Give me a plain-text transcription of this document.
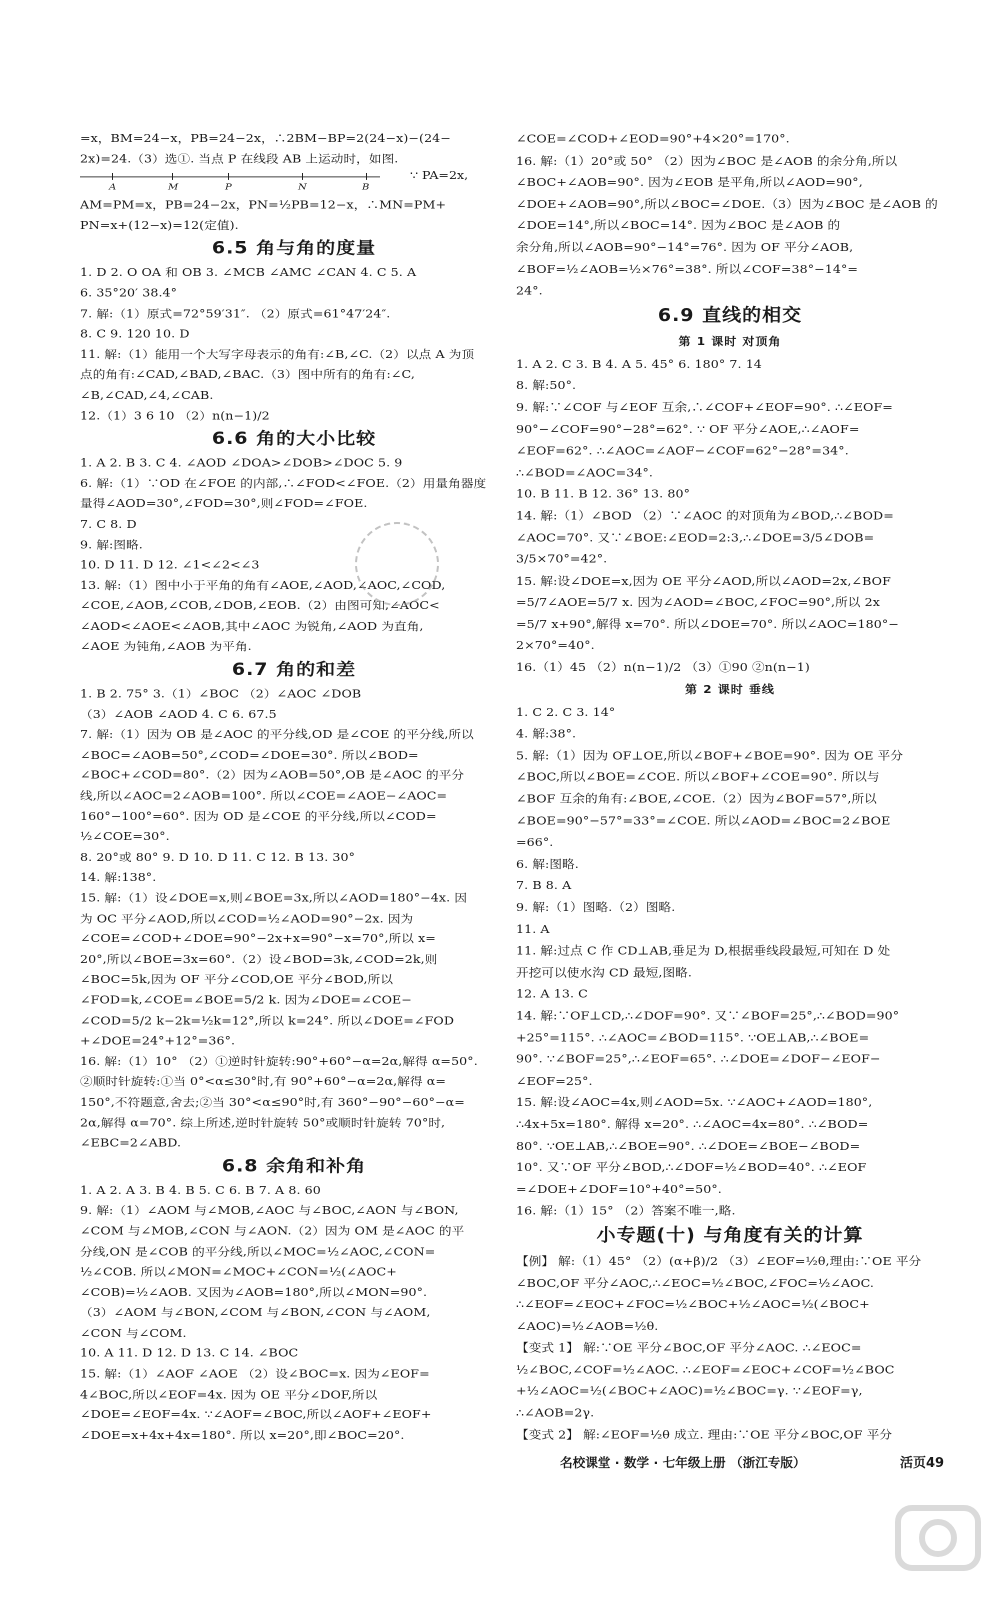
=x，BM=24−x，PB=24−2x，∴2BM−BP=2(24−x)−(24−
2x)=24.（3）选①. 当点 P 在线段 AB 上运动时，如图.
A	M	P	N	B
∵ PA=2x,
AM=PM=x，PB=24−2x，PN=½PB=12−x，∴MN=PM+
PN=x+(12−x)=12(定值).
6.5 角与角的度量
1. D 2. O OA 和 OB 3. ∠MCB ∠AMC ∠CAN 4. C 5. A
6. 35°20′ 38.4°
7. 解:（1）原式=72°59′31″. （2）原式=61°47′24″.
8. C 9. 120 10. D
11. 解:（1）能用一个大写字母表示的角有:∠B,∠C.（2）以点 A 为顶
点的角有:∠CAD,∠BAD,∠BAC.（3）图中所有的角有:∠C,
∠B,∠CAD,∠4,∠CAB.
12.（1）3 6 10 （2）n(n−1)/2
6.6 角的大小比较
1. A 2. B 3. C 4. ∠AOD ∠DOA>∠DOB>∠DOC 5. 9
6. 解:（1）∵OD 在∠FOE 的内部,∴∠FOD<∠FOE.（2）用量角器度
量得∠AOD=30°,∠FOD=30°,则∠FOD=∠FOE.
7. C 8. D
9. 解:图略.
10. D 11. D 12. ∠1<∠2<∠3
13. 解:（1）图中小于平角的角有∠AOE,∠AOD,∠AOC,∠COD,
∠COE,∠AOB,∠COB,∠DOB,∠EOB.（2）由图可知,∠AOC<
∠AOD<∠AOE<∠AOB,其中∠AOC 为锐角,∠AOD 为直角,
∠AOE 为钝角,∠AOB 为平角.
6.7 角的和差
1. B 2. 75° 3.（1）∠BOC （2）∠AOC ∠DOB
（3）∠AOB ∠AOD 4. C 6. 67.5
7. 解:（1）因为 OB 是∠AOC 的平分线,OD 是∠COE 的平分线,所以
∠BOC=∠AOB=50°,∠COD=∠DOE=30°. 所以∠BOD=
∠BOC+∠COD=80°.（2）因为∠AOB=50°,OB 是∠AOC 的平分
线,所以∠AOC=2∠AOB=100°. 所以∠COE=∠AOE−∠AOC=
160°−100°=60°. 因为 OD 是∠COE 的平分线,所以∠COD=
½∠COE=30°.
8. 20°或 80° 9. D 10. D 11. C 12. B 13. 30°
14. 解:138°.
15. 解:（1）设∠DOE=x,则∠BOE=3x,所以∠AOD=180°−4x. 因
为 OC 平分∠AOD,所以∠COD=½∠AOD=90°−2x. 因为
∠COE=∠COD+∠DOE=90°−2x+x=90°−x=70°,所以 x=
20°,所以∠BOE=3x=60°.（2）设∠BOD=3k,∠COD=2k,则
∠BOC=5k,因为 OF 平分∠COD,OE 平分∠BOD,所以
∠FOD=k,∠COE=∠BOE=5/2 k. 因为∠DOE=∠COE−
∠COD=5/2 k−2k=½k=12°,所以 k=24°. 所以∠DOE=∠FOD
+∠DOE=24°+12°=36°.
16. 解:（1）10° （2）①逆时针旋转:90°+60°−α=2α,解得 α=50°.
②顺时针旋转:①当 0°<α≤30°时,有 90°+60°−α=2α,解得 α=
150°,不符题意,舍去;②当 30°<α≤90°时,有 360°−90°−60°−α=
2α,解得 α=70°. 综上所述,逆时针旋转 50°或顺时针旋转 70°时,
∠EBC=2∠ABD.
6.8 余角和补角
1. A 2. A 3. B 4. B 5. C 6. B 7. A 8. 60
9. 解:（1）∠AOM 与∠MOB,∠AOC 与∠BOC,∠AON 与∠BON,
∠COM 与∠MOB,∠CON 与∠AON.（2）因为 OM 是∠AOC 的平
分线,ON 是∠COB 的平分线,所以∠MOC=½∠AOC,∠CON=
½∠COB. 所以∠MON=∠MOC+∠CON=½(∠AOC+
∠COB)=½∠AOB. 又因为∠AOB=180°,所以∠MON=90°.
（3）∠AOM 与∠BON,∠COM 与∠BON,∠CON 与∠AOM,
∠CON 与∠COM.
10. A 11. D 12. D 13. C 14. ∠BOC
15. 解:（1）∠AOF ∠AOE （2）设∠BOC=x. 因为∠EOF=
4∠BOC,所以∠EOF=4x. 因为 OE 平分∠DOF,所以
∠DOE=∠EOF=4x. ∵∠AOF=∠BOC,所以∠AOF+∠EOF+
∠DOE=x+4x+4x=180°. 所以 x=20°,即∠BOC=20°.
∠COE=∠COD+∠EOD=90°+4×20°=170°.
16. 解:（1）20°或 50° （2）因为∠BOC 是∠AOB 的余分角,所以
∠BOC+∠AOB=90°. 因为∠EOB 是平角,所以∠AOD=90°,
∠DOE+∠AOB=90°,所以∠BOC=∠DOE.（3）因为∠BOC 是∠AOB 的
∠DOE=14°,所以∠BOC=14°. 因为∠BOC 是∠AOB 的
余分角,所以∠AOB=90°−14°=76°. 因为 OF 平分∠AOB,
∠BOF=½∠AOB=½×76°=38°. 所以∠COF=38°−14°=
24°.
6.9 直线的相交
第 1 课时 对顶角
1. A 2. C 3. B 4. A 5. 45° 6. 180° 7. 14
8. 解:50°.
9. 解:∵∠COF 与∠EOF 互余,∴∠COF+∠EOF=90°. ∴∠EOF=
90°−∠COF=90°−28°=62°. ∵ OF 平分∠AOE,∴∠AOF=
∠EOF=62°. ∴∠AOC=∠AOF−∠COF=62°−28°=34°.
∴∠BOD=∠AOC=34°.
10. B 11. B 12. 36° 13. 80°
14. 解:（1）∠BOD （2）∵∠AOC 的对顶角为∠BOD,∴∠BOD=
∠AOC=70°. 又∵∠BOE:∠EOD=2:3,∴∠DOE=3/5∠DOB=
3/5×70°=42°.
15. 解:设∠DOE=x,因为 OE 平分∠AOD,所以∠AOD=2x,∠BOF
=5/7∠AOE=5/7 x. 因为∠AOD=∠BOC,∠FOC=90°,所以 2x
=5/7 x+90°,解得 x=70°. 所以∠DOE=70°. 所以∠AOC=180°−
2×70°=40°.
16.（1）45 （2）n(n−1)/2 （3）①90 ②n(n−1)
第 2 课时 垂线
1. C 2. C 3. 14°
4. 解:38°.
5. 解:（1）因为 OF⊥OE,所以∠BOF+∠BOE=90°. 因为 OE 平分
∠BOC,所以∠BOE=∠COE. 所以∠BOF+∠COE=90°. 所以与
∠BOF 互余的角有:∠BOE,∠COE.（2）因为∠BOF=57°,所以
∠BOE=90°−57°=33°=∠COE. 所以∠AOD=∠BOC=2∠BOE
=66°.
6. 解:图略.
7. B 8. A
9. 解:（1）图略.（2）图略.
11. A
11. 解:过点 C 作 CD⊥AB,垂足为 D,根据垂线段最短,可知在 D 处
开挖可以使水沟 CD 最短,图略.
12. A 13. C
14. 解:∵OF⊥CD,∴∠DOF=90°. 又∵∠BOF=25°,∴∠BOD=90°
+25°=115°. ∴∠AOC=∠BOD=115°. ∵OE⊥AB,∴∠BOE=
90°. ∵∠BOF=25°,∴∠EOF=65°. ∴∠DOE=∠DOF−∠EOF−
∠EOF=25°.
15. 解:设∠AOC=4x,则∠AOD=5x. ∵∠AOC+∠AOD=180°,
∴4x+5x=180°. 解得 x=20°. ∴∠AOC=4x=80°. ∴∠BOD=
80°. ∵OE⊥AB,∴∠BOE=90°. ∴∠DOE=∠BOE−∠BOD=
10°. 又∵OF 平分∠BOD,∴∠DOF=½∠BOD=40°. ∴∠EOF
=∠DOE+∠DOF=10°+40°=50°.
16. 解:（1）15° （2）答案不唯一,略.
小专题(十) 与角度有关的计算
【例】 解:（1）45° （2）(α+β)/2 （3）∠EOF=½θ,理由:∵OE 平分
∠BOC,OF 平分∠AOC,∴∠EOC=½∠BOC,∠FOC=½∠AOC.
∴∠EOF=∠EOC+∠FOC=½∠BOC+½∠AOC=½(∠BOC+
∠AOC)=½∠AOB=½θ.
【变式 1】 解:∵OE 平分∠BOC,OF 平分∠AOC. ∴∠EOC=
½∠BOC,∠COF=½∠AOC. ∴∠EOF=∠EOC+∠COF=½∠BOC
+½∠AOC=½(∠BOC+∠AOC)=½∠BOC=γ. ∵∠EOF=γ,
∴∠AOB=2γ.
【变式 2】 解:∠EOF=½θ 成立. 理由:∵OE 平分∠BOC,OF 平分
名校课堂 · 数学 · 七年级上册 （浙江专版）	活页49
